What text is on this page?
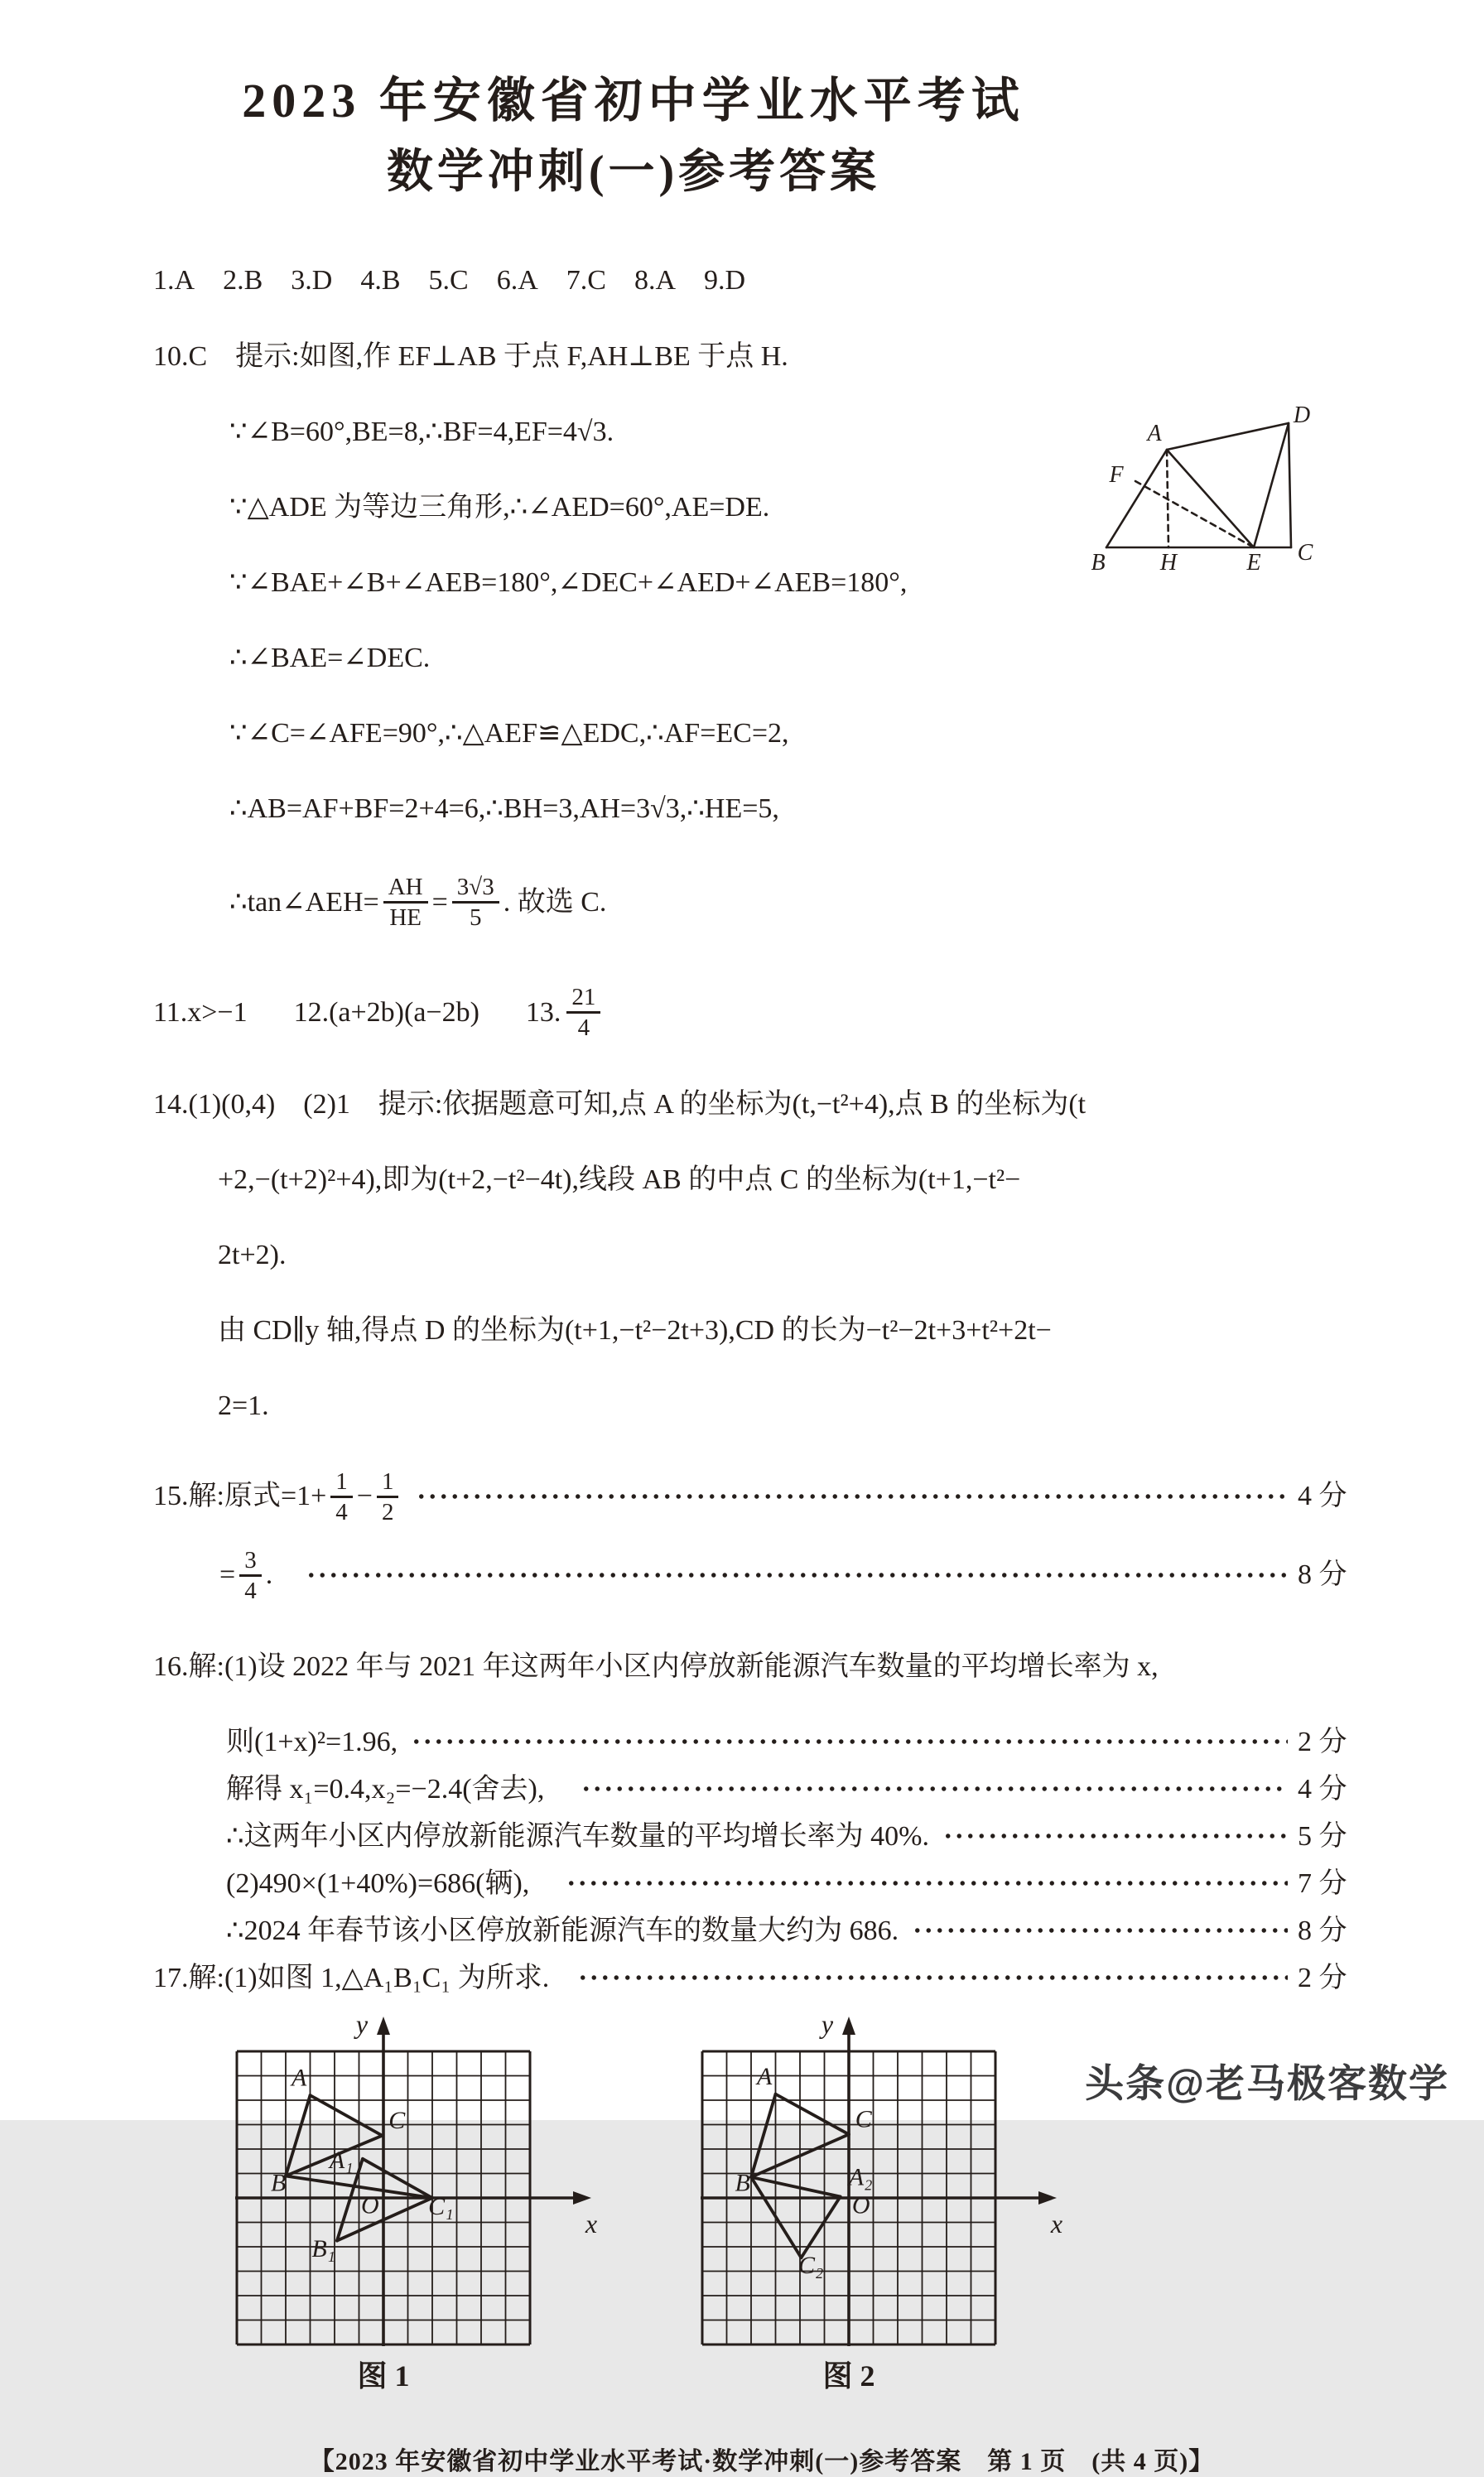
2023 年安徽省初中学业水平考试
数学冲刺(一)参考答案
1.A 2.B 3.D 4.B 5.C 6.A 7.C 8.A 9.D

10.C　提示:如图,作 EF⊥AB 于点 F,AH⊥BE 于点 H.

∵∠B=60°,BE=8,∴BF=4,EF=4√3.

∵△ADE 为等边三角形,∴∠AED=60°,AE=DE.

∵∠BAE+∠B+∠AEB=180°,∠DEC+∠AED+∠AEB=180°,

∴∠BAE=∠DEC.

∵∠C=∠AFE=90°,∴△AEF≌△EDC,∴AF=EC=2,

∴AB=AF+BF=2+4=6,∴BH=3,AH=3√3,∴HE=5,

∴tan∠AEH= $\frac{AH}{HE} = \frac{3√3}{5}$ . 故选 C.

11.x>−1 12.(a+2b)(a−2b) 13. $\frac{21}{4}$

14.(1)(0,4)　(2)1　提示:依据题意可知,点 A 的坐标为(t,−t²+4),点 B 的坐标为(t

+2,−(t+2)²+4),即为(t+2,−t²−4t),线段 AB 的中点 C 的坐标为(t+1,−t²−

2t+2).

由 CD∥y 轴,得点 D 的坐标为(t+1,−t²−2t+3),CD 的长为−t²−2t+3+t²+2t−

2=1.

15.解:原式$=1+ \frac{1}{4} - \frac{1}{2}$	4 分
= $\frac{3}{4}$ .	8 分

16.解:(1)设 2022 年与 2021 年这两年小区内停放新能源汽车数量的平均增长率为 x,

则(1+x)²=1.96,	2 分
解得 x₁=0.4,x₂=−2.4(舍去),	4 分
∴这两年小区内停放新能源汽车数量的平均增长率为 40%.	5 分
(2)490×(1+40%)=686(辆),	7 分
∴2024 年春节该小区停放新能源汽车的数量大约为 686.	8 分
17.解:(1)如图 1,△A₁B₁C₁ 为所求.	2 分
x
y
图 1
A
C
B
A₁
O C₁
B₁
x
y
图 2
A
C
B	A₂
O
C₂
【2023 年安徽省初中学业水平考试·数学冲刺(一)参考答案　第 1 页　(共 4 页)】
A
D
F
B H	E C
头条@老马极客数学
